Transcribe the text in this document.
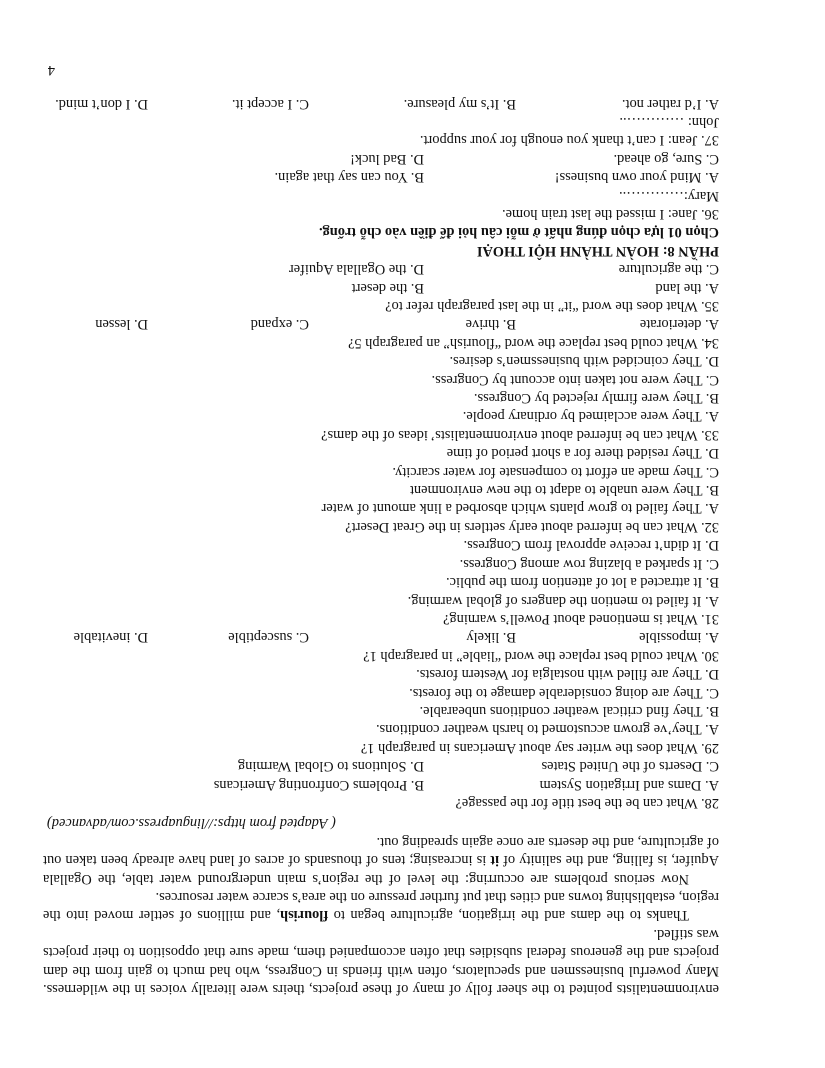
environmentalists pointed to the sheer folly of many of these projects, theirs were literally voices in the wilderness. Many powerful businessmen and speculators, often with friends in Congress, who had much to gain from the dam projects and the generous federal subsidies that often accompanied them, made sure that opposition to their projects was stifled.

Thanks to the dams and the irrigation, agriculture began to flourish, and millions of settler moved into the region, establishing towns and cities that put further pressure on the area’s scarce water resources.

Now serious problems are occurring: the level of the region’s main underground water table, the Ogallala Aquifer, is falling, and the salinity of it is increasing; tens of thousands of acres of land have already been taken out of agriculture, and the deserts are once again spreading out.

( Adapted from https://linguapress.com/advanced)

28. What can be the best title for the passage?

A. Dams and Irrigation System
B. Problems Confronting Americans
C. Deserts of the United States
D. Solutions to Global Warming

29. What does the writer say about Americans in paragraph 1?

A. They’ve grown accustomed to harsh weather conditions.

B. They find critical weather conditions unbearable.

C. They are doing considerable damage to the forests.

D. They are filled with nostalgia for Western forests.

30. What could best replace the word “liable” in paragraph 1?

A. impossible
B. likely
C. susceptible
D. inevitable

31. What is mentioned about Powell’s warning?

A. It failed to mention the dangers of global warming.

B. It attracted a lot of attention from the public.

C. It sparked a blazing row among Congress.

D. It didn’t receive approval from Congress.

32. What can be inferred about early settlers in the Great Desert?

A. They failed to grow plants which absorbed a link amount of water

B. They were unable to adapt to the new environment

C. They made an effort to compensate for water scarcity.

D. They resided there for a short period of time

33. What can be inferred about environmentalists’ ideas of the dams?

A. They were acclaimed by ordinary people.

B. They were firmly rejected by Congress.

C. They were not taken into account by Congress.

D. They coincided with businessmen’s desires.

34. What could best replace the word “flourish” an paragraph 5?

A. deteriorate
B. thrive
C. expand
D. lessen

35. What does the word “it” in the last paragraph refer to?

A. the land
B. the desert
C. the agriculture
D. the Ogallala Aquifer

PHẦN 8: HOÀN THÀNH HỘI THOẠI

Chọn 01 lựa chọn đúng nhất ở mỗi câu hỏi để điền vào chỗ trống.

36. Jane: I missed the last train home.

Mary:…………..

A. Mind your own business!
B. You can say that again.
C. Sure, go ahead.
D. Bad luck!

37. Jean: I can’t thank you enough for your support.

John: …………..

A. I’d rather not.
B. It’s my pleasure.
C. I accept it.
D. I don’t mind.
4
